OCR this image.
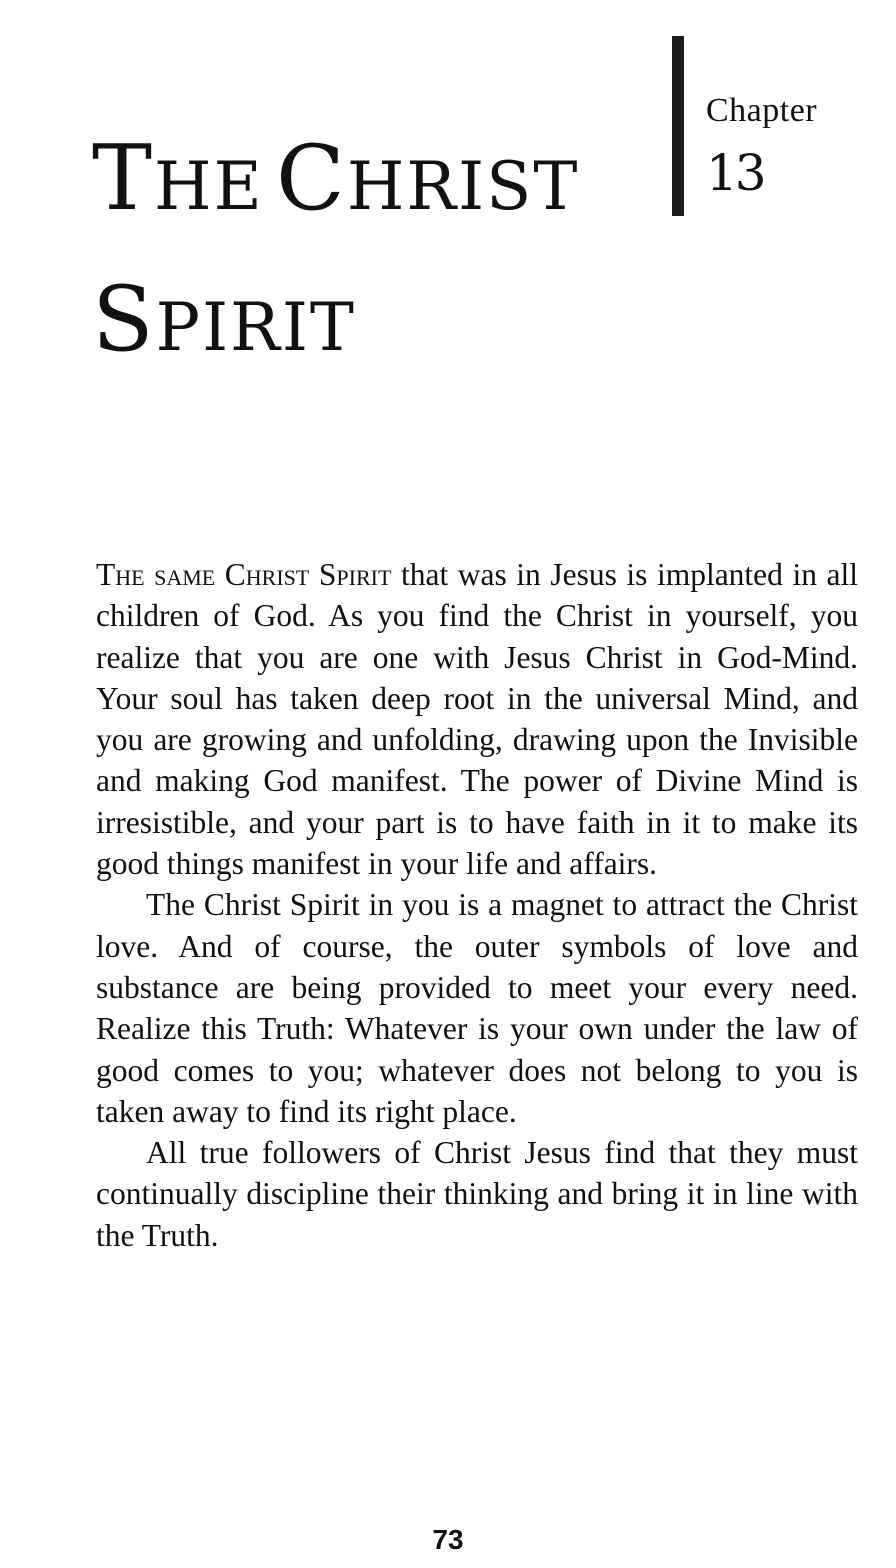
THE CHRIST
SPIRIT
Chapter
13

The same Christ Spirit that was in Jesus is implanted in all children of God. As you find the Christ in yourself, you realize that you are one with Jesus Christ in God-Mind. Your soul has taken deep root in the universal Mind, and you are growing and unfolding, drawing upon the Invisible and making God manifest. The power of Divine Mind is irresistible, and your part is to have faith in it to make its good things manifest in your life and affairs.

The Christ Spirit in you is a magnet to attract the Christ love. And of course, the outer symbols of love and substance are being provided to meet your every need. Realize this Truth: Whatever is your own under the law of good comes to you; whatever does not belong to you is taken away to find its right place.

All true followers of Christ Jesus find that they must continually discipline their thinking and bring it in line with the Truth.

73
